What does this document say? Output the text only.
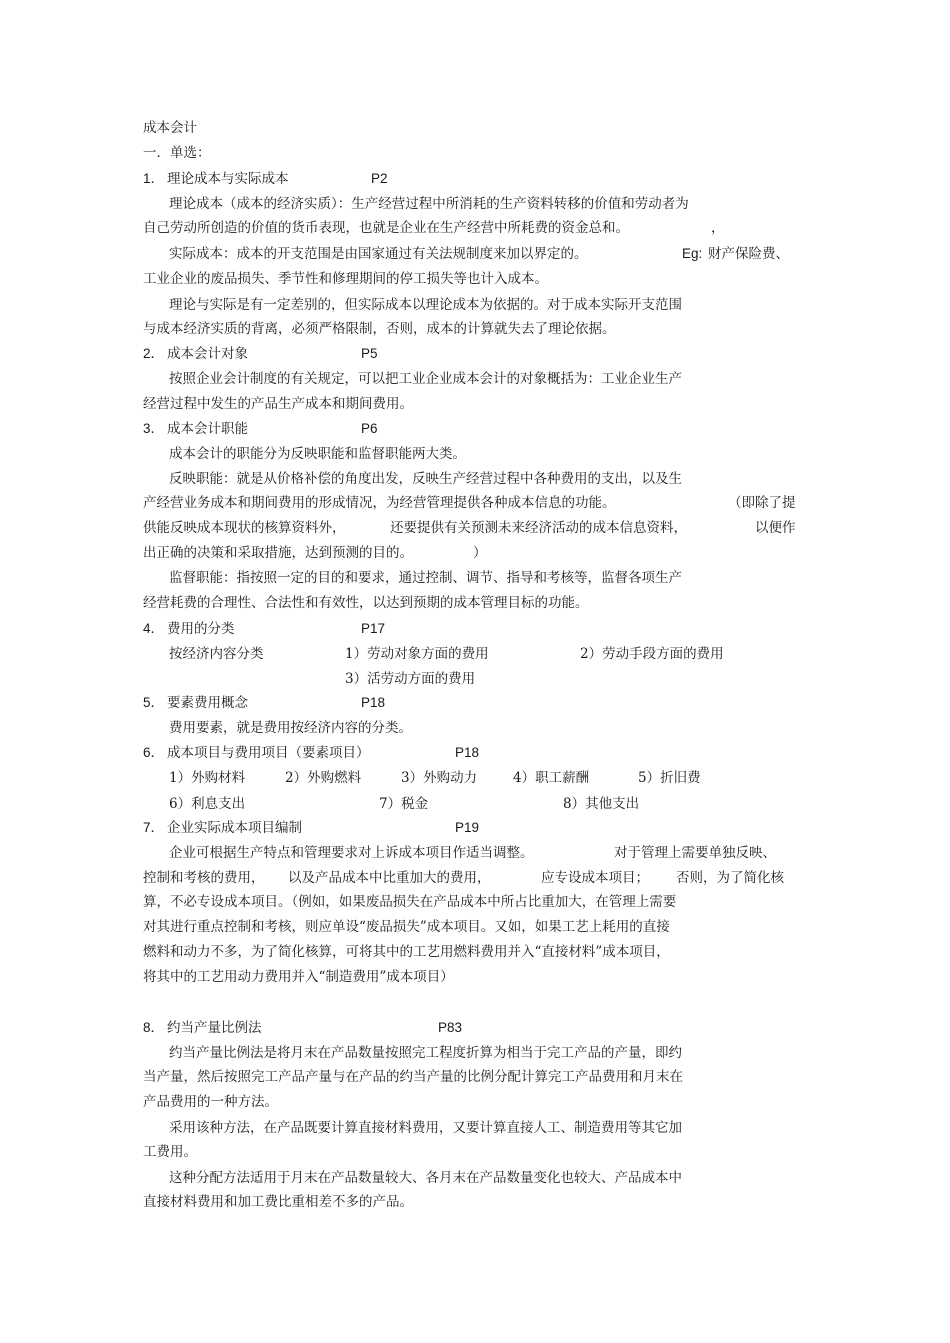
成本会计
一．单选：
1． 理论成本与实际成本	P2
理论成本（成本的经济实质）：生产经营过程中所消耗的生产资料转移的价值和劳动者为
自己劳动所创造的价值的货币表现，也就是企业在生产经营中所耗费的资金总和。	，
实际成本：成本的开支范围是由国家通过有关法规制度来加以界定的。	Eg: 财产保险费、
工业企业的废品损失、季节性和修理期间的停工损失等也计入成本。
理论与实际是有一定差别的，但实际成本以理论成本为依据的。对于成本实际开支范围
与成本经济实质的背离，必须严格限制，否则，成本的计算就失去了理论依据。
2． 成本会计对象	P5
按照企业会计制度的有关规定，可以把工业企业成本会计的对象概括为：工业企业生产
经营过程中发生的产品生产成本和期间费用。
3． 成本会计职能	P6
成本会计的职能分为反映职能和监督职能两大类。
反映职能：就是从价格补偿的角度出发，反映生产经营过程中各种费用的支出，以及生
产经营业务成本和期间费用的形成情况，为经营管理提供各种成本信息的功能。	（即除了提
供能反映成本现状的核算资料外，	还要提供有关预测未来经济活动的成本信息资料，	以便作
出正确的决策和采取措施，达到预测的目的。	）
监督职能：指按照一定的目的和要求，通过控制、调节、指导和考核等，监督各项生产
经营耗费的合理性、合法性和有效性，以达到预期的成本管理目标的功能。
4． 费用的分类	P17
按经济内容分类	1）劳动对象方面的费用	2）劳动手段方面的费用
3）活劳动方面的费用
5． 要素费用概念	P18
费用要素，就是费用按经济内容的分类。
6． 成本项目与费用项目（要素项目）	P18
1）外购材料	2）外购燃料	3）外购动力	4）职工薪酬	5）折旧费
6）利息支出	7）税金	8）其他支出
7． 企业实际成本项目编制	P19
企业可根据生产特点和管理要求对上诉成本项目作适当调整。	对于管理上需要单独反映、
控制和考核的费用， 以及产品成本中比重加大的费用，	应专设成本项目； 否则，为了简化核
算，不必专设成本项目。（例如，如果废品损失在产品成本中所占比重加大，在管理上需要
对其进行重点控制和考核，则应单设“废品损失”成本项目。又如，如果工艺上耗用的直接
燃料和动力不多，为了简化核算，可将其中的工艺用燃料费用并入“直接材料”成本项目，
将其中的工艺用动力费用并入“制造费用”成本项目）
8． 约当产量比例法	P83
约当产量比例法是将月末在产品数量按照完工程度折算为相当于完工产品的产量，即约
当产量，然后按照完工产品产量与在产品的约当产量的比例分配计算完工产品费用和月末在
产品费用的一种方法。
采用该种方法，在产品既要计算直接材料费用，又要计算直接人工、制造费用等其它加
工费用。
这种分配方法适用于月末在产品数量较大、各月末在产品数量变化也较大、产品成本中
直接材料费用和加工费比重相差不多的产品。
